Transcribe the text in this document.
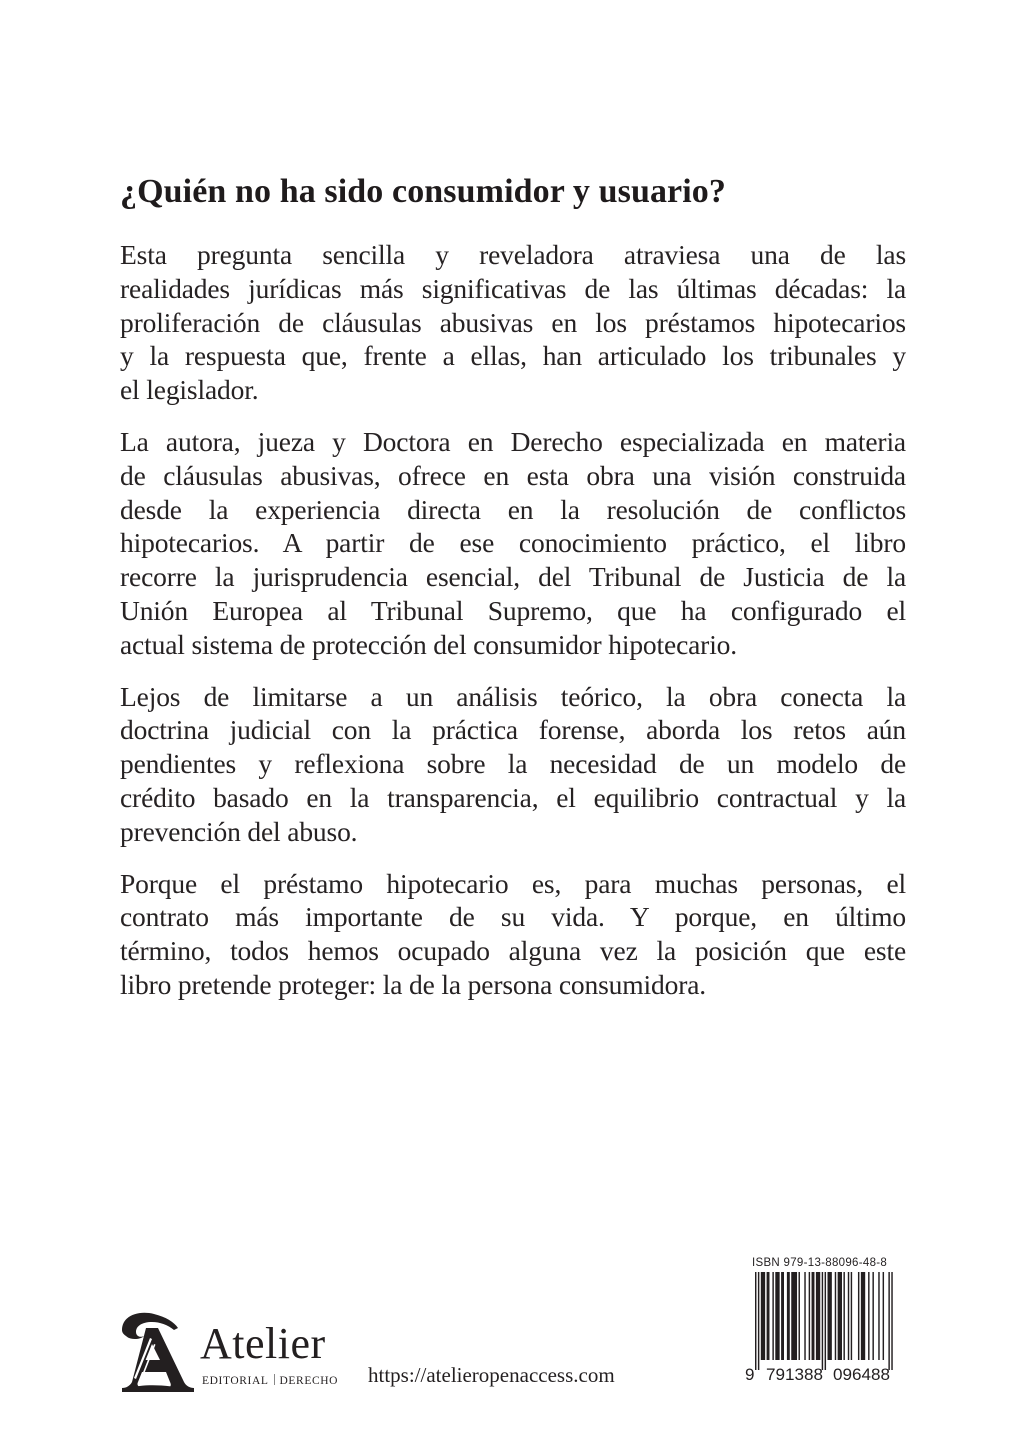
¿Quién no ha sido consumidor y usuario?
Esta pregunta sencilla y reveladora atraviesa una de las
realidades jurídicas más significativas de las últimas décadas: la
proliferación de cláusulas abusivas en los préstamos hipotecarios
y la respuesta que, frente a ellas, han articulado los tribunales y
el legislador.
La autora, jueza y Doctora en Derecho especializada en materia
de cláusulas abusivas, ofrece en esta obra una visión construida
desde la experiencia directa en la resolución de conflictos
hipotecarios. A partir de ese conocimiento práctico, el libro
recorre la jurisprudencia esencial, del Tribunal de Justicia de la
Unión Europea al Tribunal Supremo, que ha configurado el
actual sistema de protección del consumidor hipotecario.
Lejos de limitarse a un análisis teórico, la obra conecta la
doctrina judicial con la práctica forense, aborda los retos aún
pendientes y reflexiona sobre la necesidad de un modelo de
crédito basado en la transparencia, el equilibrio contractual y la
prevención del abuso.
Porque el préstamo hipotecario es, para muchas personas, el
contrato más importante de su vida. Y porque, en último
término, todos hemos ocupado alguna vez la posición que este
libro pretende proteger: la de la persona consumidora.
Atelier
EDITORIAL DERECHO https://atelieropenaccess.com
ISBN 979-13-88096-48-8
9 791388 096488
